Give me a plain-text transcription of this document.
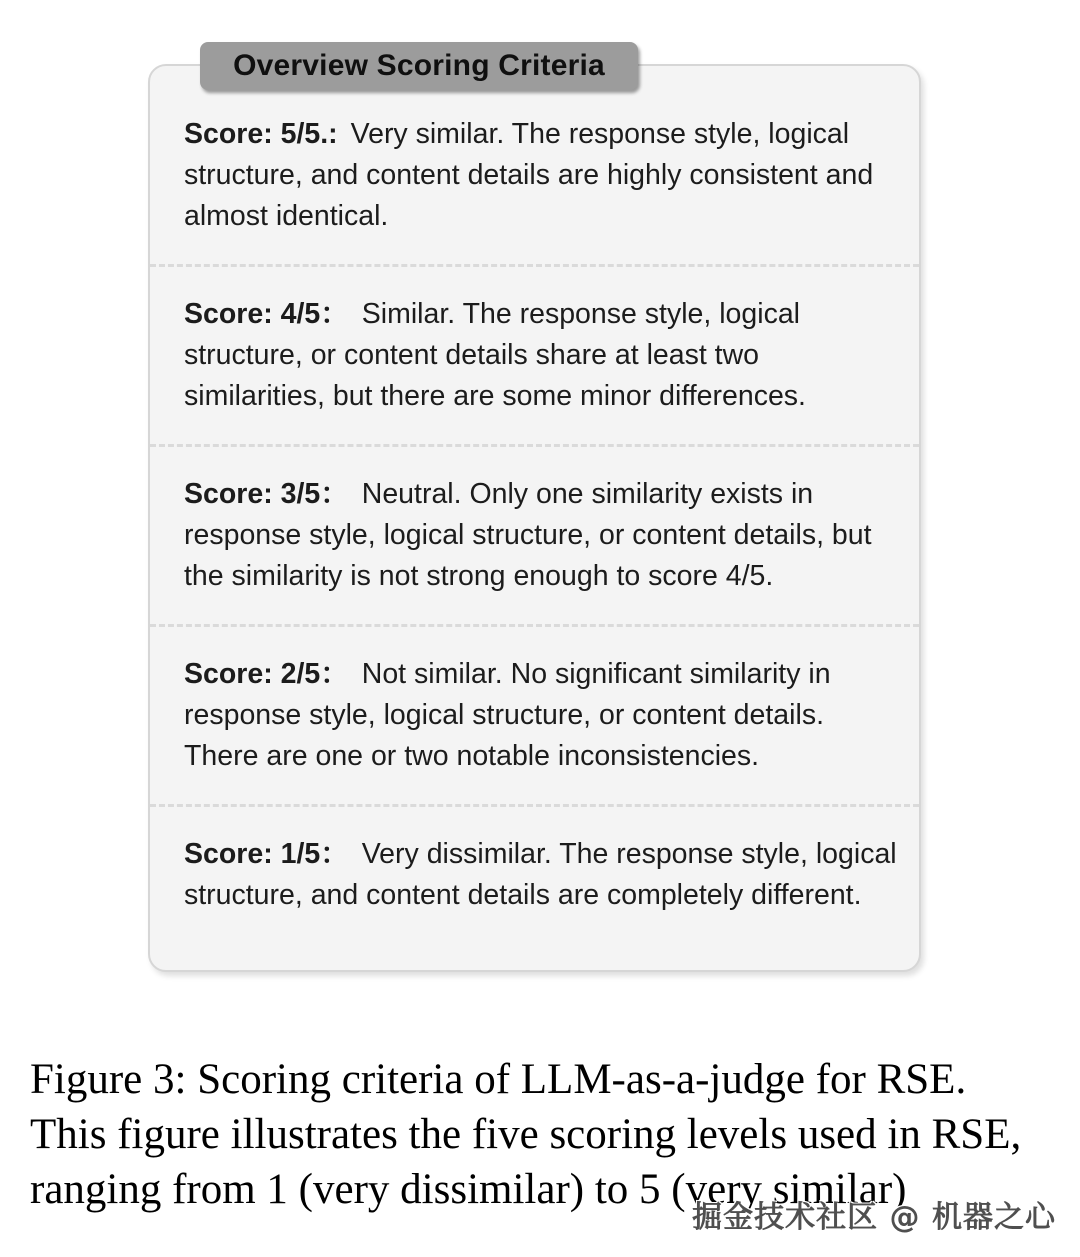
Overview Scoring Criteria

Score: 5/5.: Very similar. The response style, logical structure, and content details are highly consistent and almost identical.

Score: 4/5： Similar. The response style, logical structure, or content details share at least two similarities, but there are some minor differences.

Score: 3/5： Neutral. Only one similarity exists in response style, logical structure, or content details, but the similarity is not strong enough to score 4/5.

Score: 2/5： Not similar. No significant similarity in response style, logical structure, or content details. There are one or two notable inconsistencies.

Score: 1/5： Very dissimilar. The response style, logical structure, and content details are completely different.

Figure 3: Scoring criteria of LLM-as-a-judge for RSE.
This figure illustrates the five scoring levels used in RSE,
ranging from 1 (very dissimilar) to 5 (very similar)
掘金技术社区 @ 机器之心
